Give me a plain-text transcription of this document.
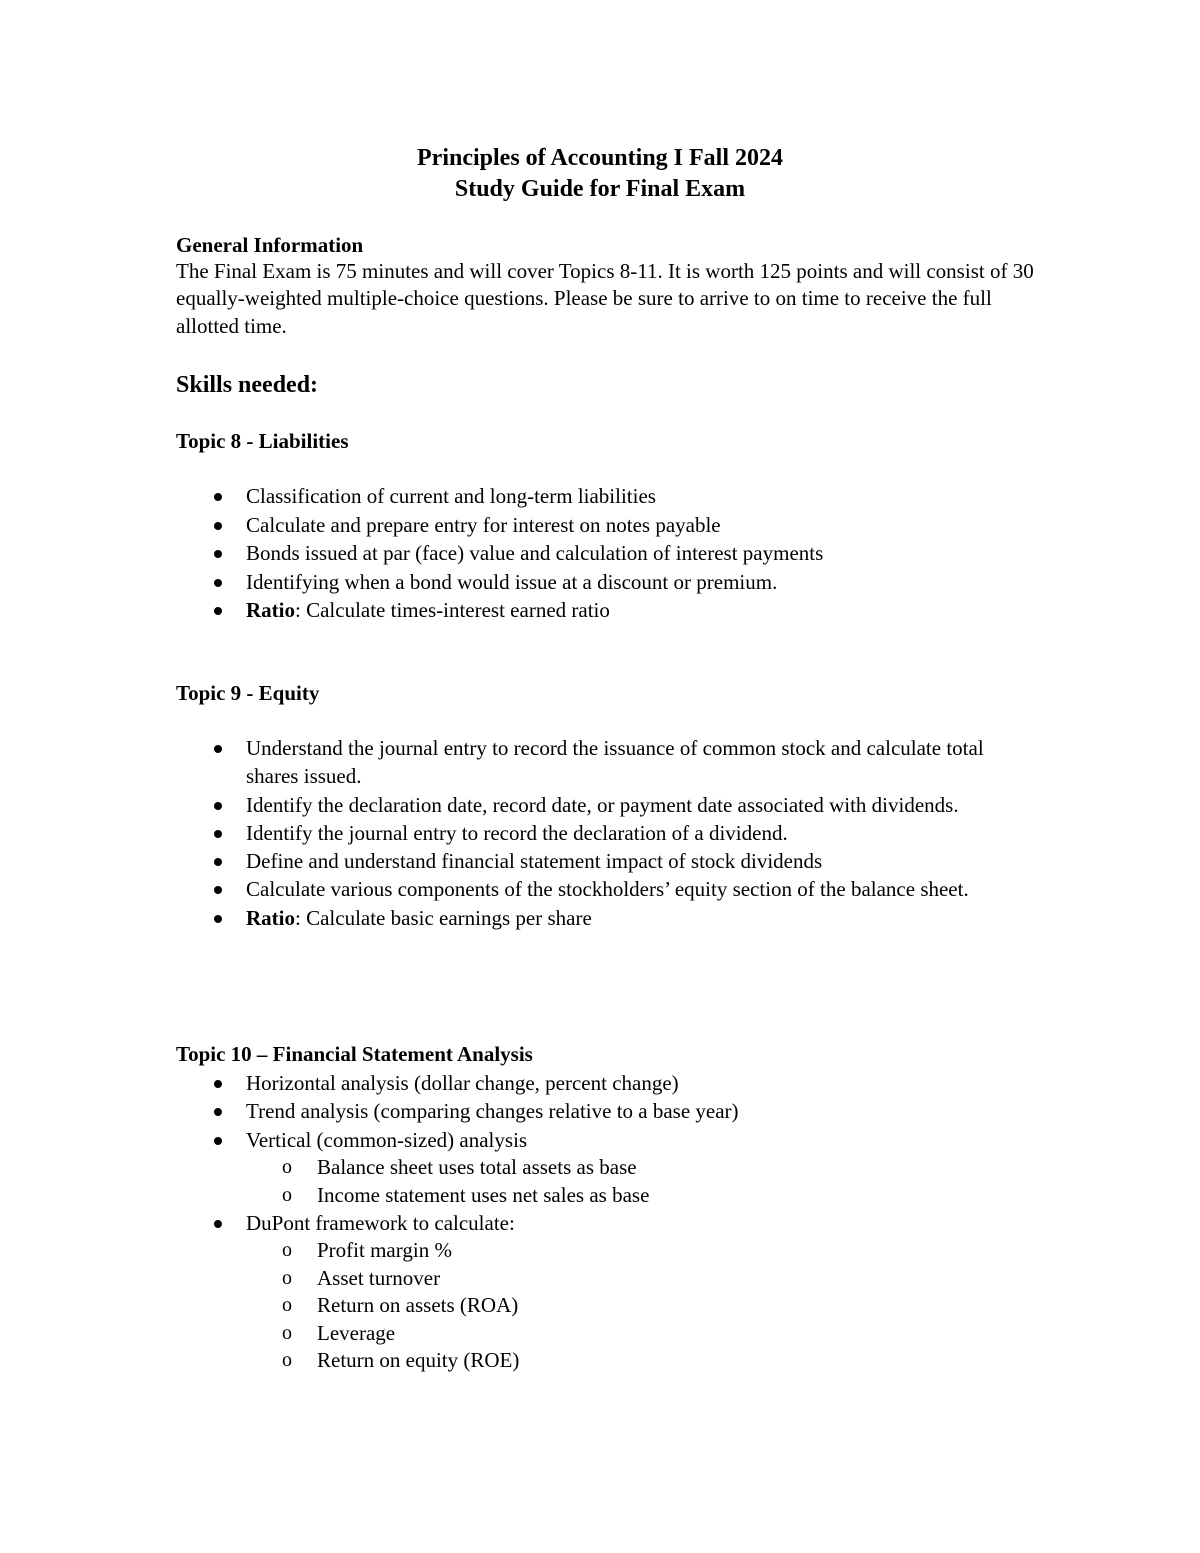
Principles of Accounting I Fall 2024
Study Guide for Final Exam
General Information
The Final Exam is 75 minutes and will cover Topics 8-11. It is worth 125 points and will consist of 30 equally-weighted multiple-choice questions. Please be sure to arrive to on time to receive the full allotted time.
Skills needed:
Topic 8 - Liabilities
Classification of current and long-term liabilities
Calculate and prepare entry for interest on notes payable
Bonds issued at par (face) value and calculation of interest payments
Identifying when a bond would issue at a discount or premium.
Ratio: Calculate times-interest earned ratio
Topic 9 - Equity
Understand the journal entry to record the issuance of common stock and calculate total shares issued.
Identify the declaration date, record date, or payment date associated with dividends.
Identify the journal entry to record the declaration of a dividend.
Define and understand financial statement impact of stock dividends
Calculate various components of the stockholders’ equity section of the balance sheet.
Ratio: Calculate basic earnings per share
Topic 10 – Financial Statement Analysis
Horizontal analysis (dollar change, percent change)
Trend analysis (comparing changes relative to a base year)
Vertical (common-sized) analysis
o Balance sheet uses total assets as base
o Income statement uses net sales as base
DuPont framework to calculate:
o Profit margin %
o Asset turnover
o Return on assets (ROA)
o Leverage
o Return on equity (ROE)
